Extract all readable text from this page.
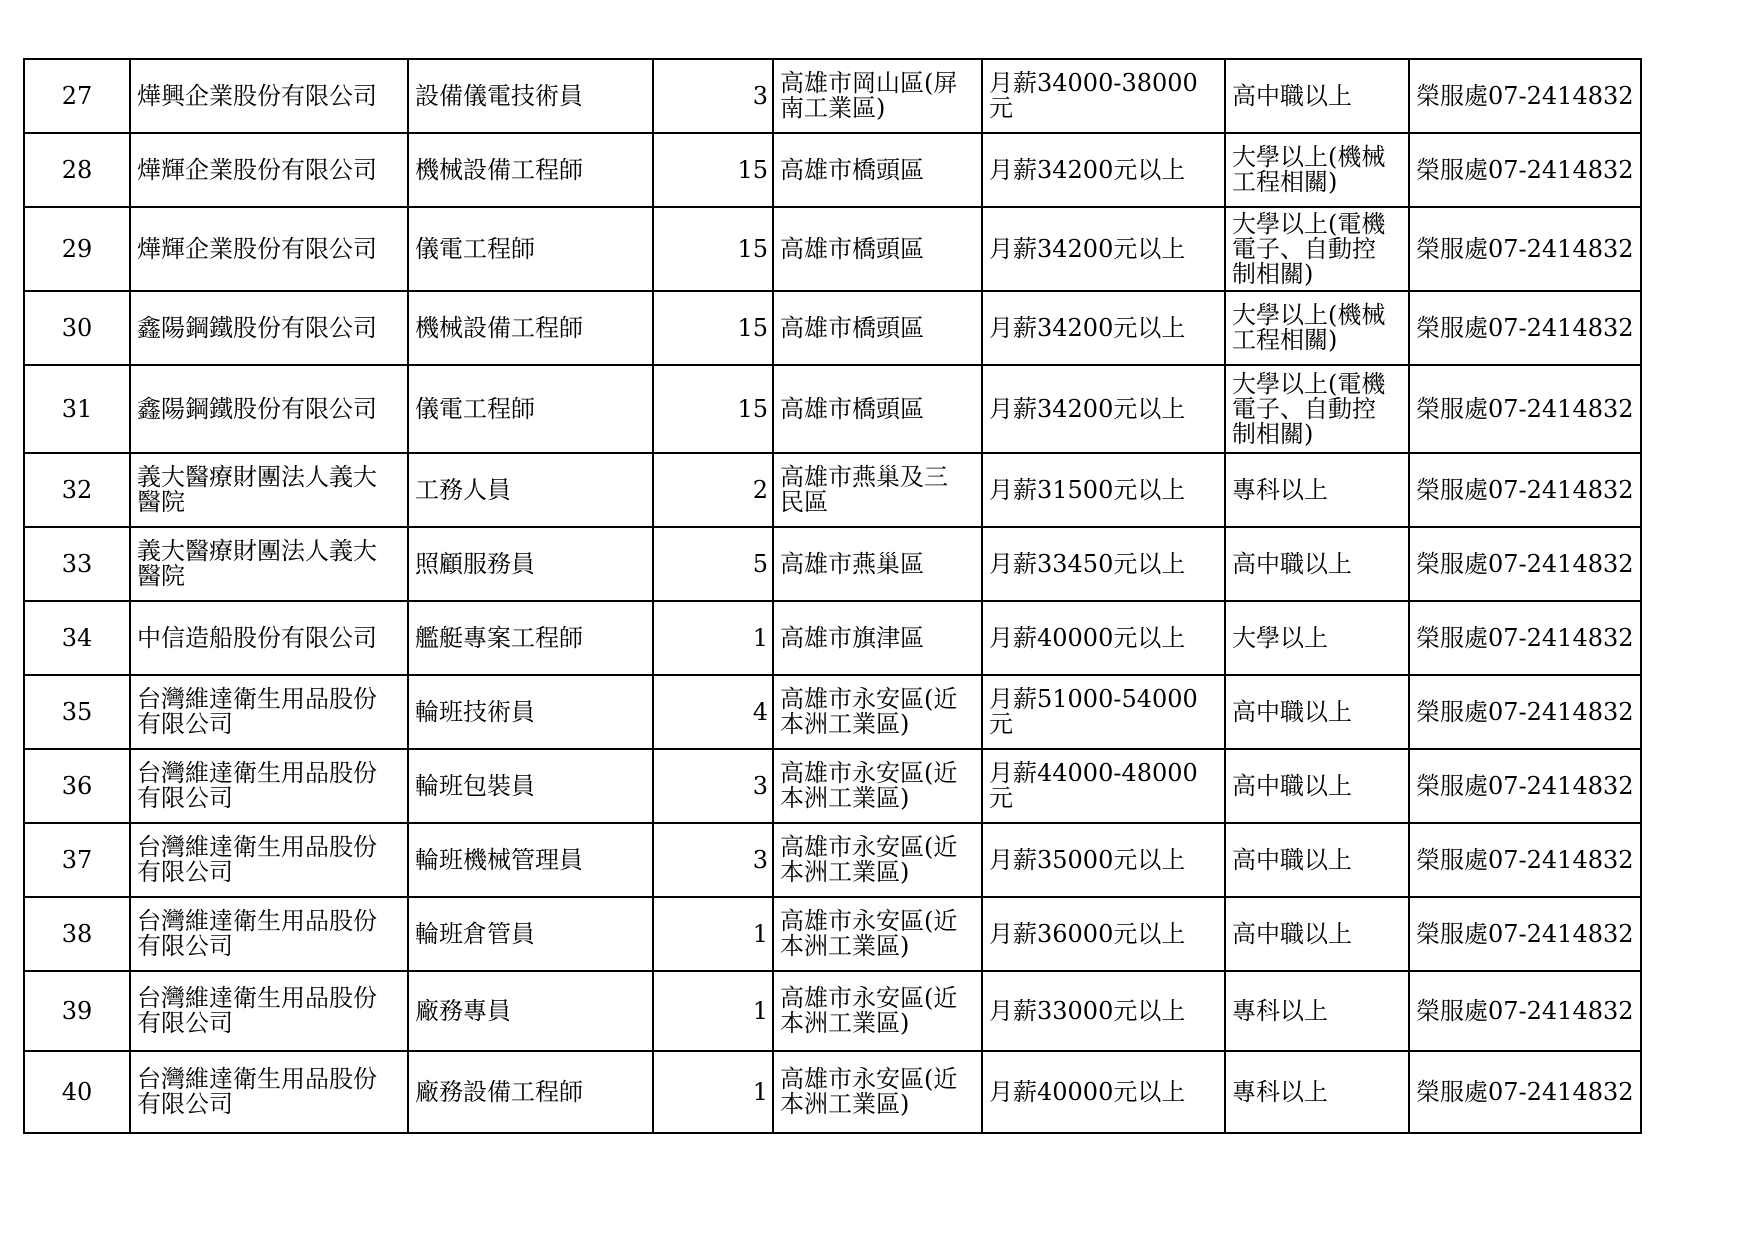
27	燁興企業股份有限公司	設備儀電技術員	3	高雄市岡山區(屏
南工業區)	月薪34000-38000元	高中職以上	榮服處07-2414832
28	燁輝企業股份有限公司	機械設備工程師	15	高雄市橋頭區	月薪34200元以上	大學以上(機械
工程相關)	榮服處07-2414832
29	燁輝企業股份有限公司	儀電工程師	15	高雄市橋頭區	月薪34200元以上	大學以上(電機
電子、自動控
制相關)	榮服處07-2414832
30	鑫陽鋼鐵股份有限公司	機械設備工程師	15	高雄市橋頭區	月薪34200元以上	大學以上(機械
工程相關)	榮服處07-2414832
31	鑫陽鋼鐵股份有限公司	儀電工程師	15	高雄市橋頭區	月薪34200元以上	大學以上(電機
電子、自動控
制相關)	榮服處07-2414832
32	義大醫療財團法人義大
醫院	工務人員	2	高雄市燕巢及三
民區	月薪31500元以上	專科以上	榮服處07-2414832
33	義大醫療財團法人義大
醫院	照顧服務員	5	高雄市燕巢區	月薪33450元以上	高中職以上	榮服處07-2414832
34	中信造船股份有限公司	艦艇專案工程師	1	高雄市旗津區	月薪40000元以上	大學以上	榮服處07-2414832
35	台灣維達衛生用品股份
有限公司	輪班技術員	4	高雄市永安區(近
本洲工業區)	月薪51000-54000元	高中職以上	榮服處07-2414832
36	台灣維達衛生用品股份
有限公司	輪班包裝員	3	高雄市永安區(近
本洲工業區)	月薪44000-48000元	高中職以上	榮服處07-2414832
37	台灣維達衛生用品股份
有限公司	輪班機械管理員	3	高雄市永安區(近
本洲工業區)	月薪35000元以上	高中職以上	榮服處07-2414832
38	台灣維達衛生用品股份
有限公司	輪班倉管員	1	高雄市永安區(近
本洲工業區)	月薪36000元以上	高中職以上	榮服處07-2414832
39	台灣維達衛生用品股份
有限公司	廠務專員	1	高雄市永安區(近
本洲工業區)	月薪33000元以上	專科以上	榮服處07-2414832
40	台灣維達衛生用品股份
有限公司	廠務設備工程師	1	高雄市永安區(近
本洲工業區)	月薪40000元以上	專科以上	榮服處07-2414832
